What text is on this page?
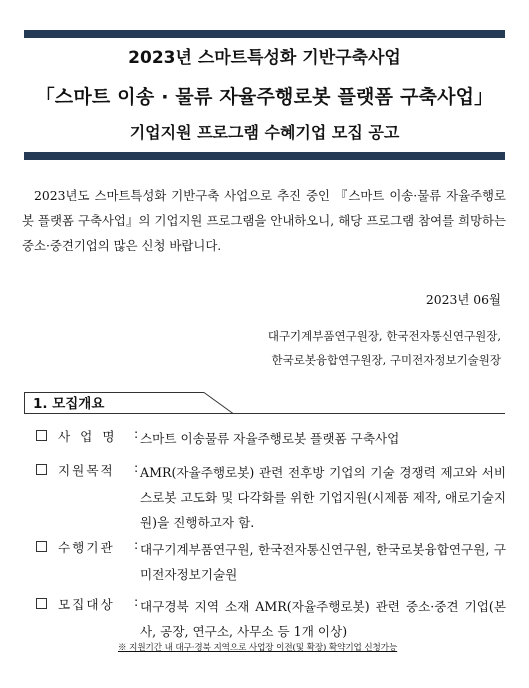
2023년 스마트특성화 기반구축사업
「스마트 이송 · 물류 자율주행로봇 플랫폼 구축사업」
기업지원 프로그램 수혜기업 모집 공고
2023년도 스마트특성화 기반구축 사업으로 추진 중인 『스마트 이송·물류 자율주행로봇 플랫폼 구축사업』의 기업지원 프로그램을 안내하오니, 해당 프로그램 참여를 희망하는 중소·중견기업의 많은 신청 바랍니다.
2023년 06월
대구기계부품연구원장, 한국전자통신연구원장,
한국로봇융합연구원장, 구미전자정보기술원장
1. 모집개요
사 업 명 : 스마트 이송물류 자율주행로봇 플랫폼 구축사업
지원목적 : AMR(자율주행로봇) 관련 전후방 기업의 기술 경쟁력 제고와 서비스로봇 고도화 및 다각화를 위한 기업지원(시제품 제작, 애로기술지원)을 진행하고자 함.
수행기관 : 대구기계부품연구원, 한국전자통신연구원, 한국로봇융합연구원, 구미전자정보기술원
모집대상 : 대구경북 지역 소재 AMR(자율주행로봇) 관련 중소·중견 기업(본사, 공장, 연구소, 사무소 등 1개 이상)
※ 지원기간 내 대구·경북 지역으로 사업장 이전(및 확장) 확약기업 신청가능
